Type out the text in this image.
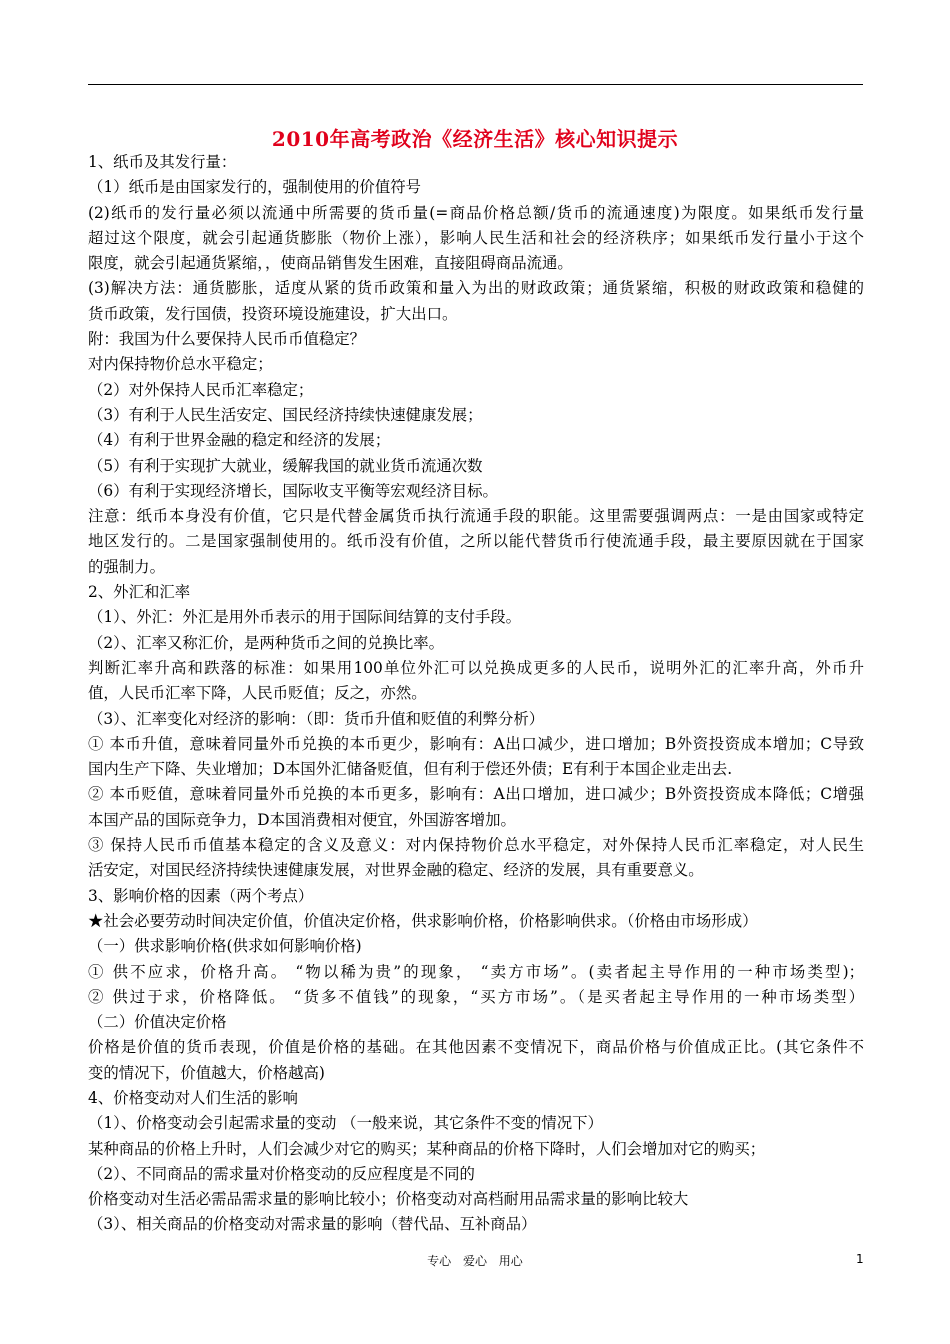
2010年高考政治《经济生活》核心知识提示
1、纸币及其发行量：
（1）纸币是由国家发行的，强制使用的价值符号
(2)纸币的发行量必须以流通中所需要的货币量(=商品价格总额/货币的流通速度)为限度。如果纸币发行量
超过这个限度，就会引起通货膨胀（物价上涨），影响人民生活和社会的经济秩序；如果纸币发行量小于这个
限度，就会引起通货紧缩，，使商品销售发生困难，直接阻碍商品流通。
(3)解决方法：通货膨胀，适度从紧的货币政策和量入为出的财政政策；通货紧缩，积极的财政政策和稳健的
货币政策，发行国债，投资环境设施建设，扩大出口。
附：我国为什么要保持人民币币值稳定？
对内保持物价总水平稳定；
（2）对外保持人民币汇率稳定；
（3）有利于人民生活安定、国民经济持续快速健康发展；
（4）有利于世界金融的稳定和经济的发展；
（5）有利于实现扩大就业，缓解我国的就业货币流通次数
（6）有利于实现经济增长，国际收支平衡等宏观经济目标。
注意：纸币本身没有价值，它只是代替金属货币执行流通手段的职能。这里需要强调两点：一是由国家或特定
地区发行的。二是国家强制使用的。纸币没有价值，之所以能代替货币行使流通手段，最主要原因就在于国家
的强制力。
2、外汇和汇率
（1）、外汇：外汇是用外币表示的用于国际间结算的支付手段。
（2）、汇率又称汇价，是两种货币之间的兑换比率。
判断汇率升高和跌落的标准：如果用100单位外汇可以兑换成更多的人民币，说明外汇的汇率升高，外币升
值，人民币汇率下降，人民币贬值；反之，亦然。
（3）、汇率变化对经济的影响：（即：货币升值和贬值的利弊分析）
① 本币升值，意味着同量外币兑换的本币更少，影响有：A出口减少，进口增加；B外资投资成本增加；C导致
国内生产下降、失业增加；D本国外汇储备贬值，但有利于偿还外债；E有利于本国企业走出去.
② 本币贬值，意味着同量外币兑换的本币更多，影响有：A出口增加，进口减少；B外资投资成本降低；C增强
本国产品的国际竞争力，D本国消费相对便宜，外国游客增加。
③ 保持人民币币值基本稳定的含义及意义：对内保持物价总水平稳定，对外保持人民币汇率稳定，对人民生
活安定，对国民经济持续快速健康发展，对世界金融的稳定、经济的发展，具有重要意义。
3、影响价格的因素（两个考点）
★社会必要劳动时间决定价值，价值决定价格，供求影响价格，价格影响供求。（价格由市场形成）
（一）供求影响价格(供求如何影响价格)
① 供不应求，价格升高。 “物以稀为贵”的现象， “卖方市场”。(卖者起主导作用的一种市场类型)；
② 供过于求，价格降低。 “货多不值钱”的现象，“买方市场”。（是买者起主导作用的一种市场类型）
（二）价值决定价格
价格是价值的货币表现，价值是价格的基础。在其他因素不变情况下，商品价格与价值成正比。(其它条件不
变的情况下，价值越大，价格越高)
4、价格变动对人们生活的影响
（1）、价格变动会引起需求量的变动 （一般来说，其它条件不变的情况下）
某种商品的价格上升时，人们会减少对它的购买；某种商品的价格下降时，人们会增加对它的购买；
（2）、不同商品的需求量对价格变动的反应程度是不同的
价格变动对生活必需品需求量的影响比较小；价格变动对高档耐用品需求量的影响比较大
（3）、相关商品的价格变动对需求量的影响（替代品、互补商品）
专心 爱心 用心	1
